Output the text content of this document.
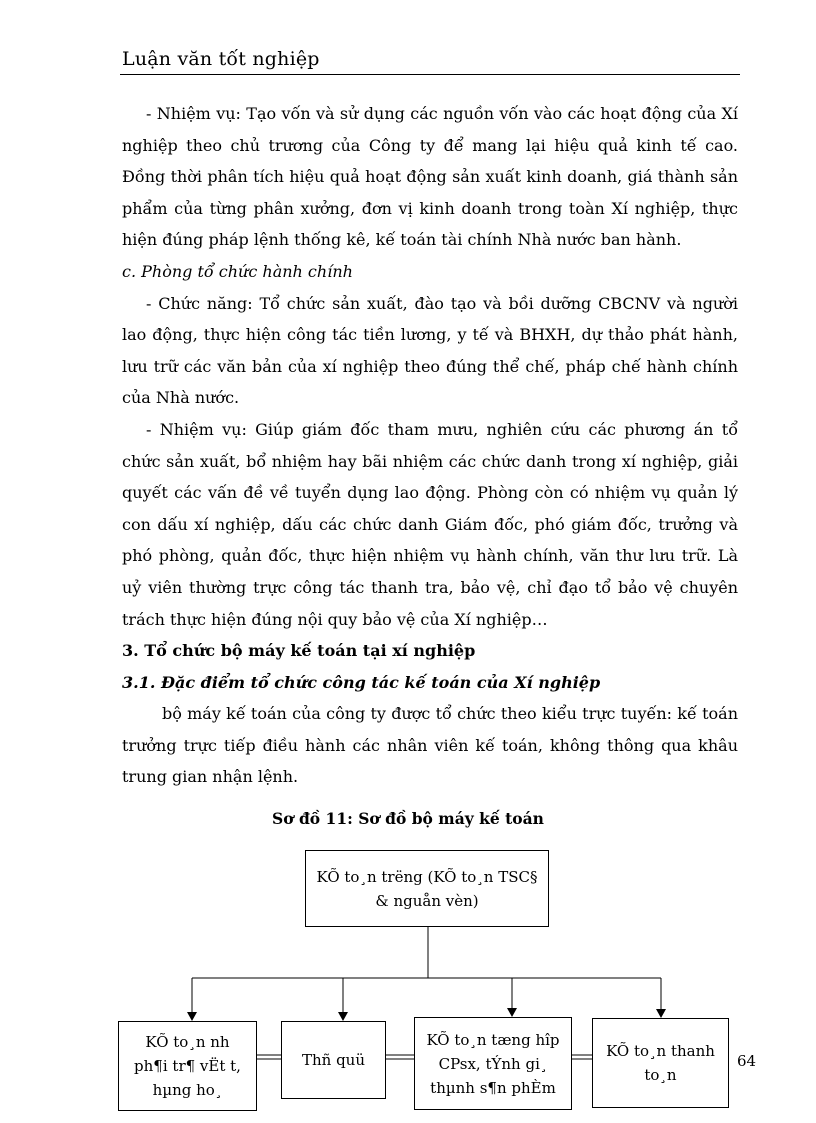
Luận văn tốt nghiệp

- Nhiệm vụ: Tạo vốn và sử dụng các nguồn vốn vào các hoạt động của Xí nghiệp theo chủ trương của Công ty để mang lại hiệu quả kinh tế cao. Đồng thời phân tích hiệu quả hoạt động sản xuất kinh doanh, giá thành sản phẩm của từng phân xưởng, đơn vị kinh doanh trong toàn Xí nghiệp, thực hiện đúng pháp lệnh thống kê, kế toán tài chính Nhà nước ban hành.

c. Phòng tổ chức hành chính

- Chức năng: Tổ chức sản xuất, đào tạo và bồi dưỡng CBCNV và người lao động, thực hiện công tác tiền lương, y tế và BHXH, dự thảo phát hành, lưu trữ các văn bản của xí nghiệp theo đúng thể chế, pháp chế hành chính của Nhà nước.

- Nhiệm vụ: Giúp giám đốc tham mưu, nghiên cứu các phương án tổ chức sản xuất, bổ nhiệm hay bãi nhiệm các chức danh trong xí nghiệp, giải quyết các vấn đề về tuyển dụng lao động. Phòng còn có nhiệm vụ quản lý con dấu xí nghiệp, dấu các chức danh Giám đốc, phó giám đốc, trưởng và phó phòng, quản đốc, thực hiện nhiệm vụ hành chính, văn thư lưu trữ. Là uỷ viên thường trực công tác thanh tra, bảo vệ, chỉ đạo tổ bảo vệ chuyên trách thực hiện đúng nội quy bảo vệ của Xí nghiệp…

3. Tổ chức bộ máy kế toán tại xí nghiệp

3.1. Đặc điểm tổ chức công tác kế toán của Xí nghiệp

bộ máy kế toán của công ty được tổ chức theo kiểu trực tuyến: kế toán trưởng trực tiếp điều hành các nhân viên kế toán, không thông qua khâu trung gian nhận lệnh.

Sơ đồ 11: Sơ đồ bộ máy kế toán
KÕ to¸n trëng (KÕ to¸n TSC§ & nguån vèn)
KÕ to¸n nh
ph¶i tr¶ vËt t,
hµng ho¸
Thñ quü
KÕ to¸n tæng hîp
CPsx, tÝnh gi¸
thµnh s¶n phÈm
KÕ to¸n thanh
to¸n
64
